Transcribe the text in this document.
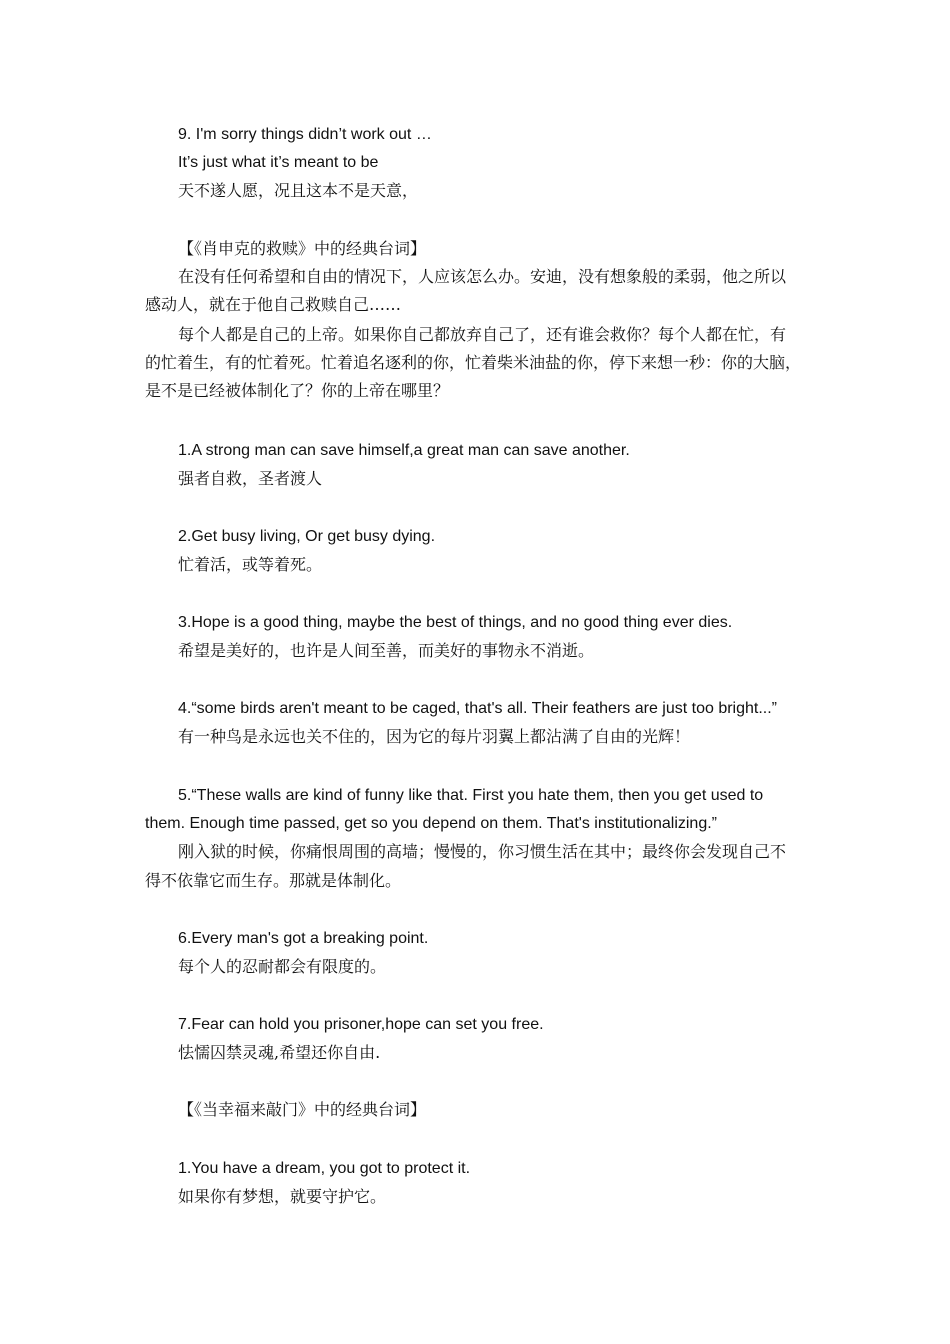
9. I'm sorry things didn’t work out …

It’s just what it’s meant to be

天不遂人愿，况且这本不是天意，

【《肖申克的救赎》中的经典台词】

在没有任何希望和自由的情况下，人应该怎么办。安迪，没有想象般的柔弱，他之所以

感动人，就在于他自己救赎自己……

每个人都是自己的上帝。如果你自己都放弃自己了，还有谁会救你？每个人都在忙，有

的忙着生，有的忙着死。忙着追名逐利的你，忙着柴米油盐的你，停下来想一秒：你的大脑，

是不是已经被体制化了？你的上帝在哪里？

1.A strong man can save himself,a great man can save another.

强者自救，圣者渡人

2.Get busy living, Or get busy dying.

忙着活，或等着死。

3.Hope is a good thing, maybe the best of things, and no good thing ever dies.

希望是美好的，也许是人间至善，而美好的事物永不消逝。

4.“some birds aren't meant to be caged, that's all. Their feathers are just too bright...”

有一种鸟是永远也关不住的，因为它的每片羽翼上都沾满了自由的光辉！

5.“These walls are kind of funny like that. First you hate them, then you get used to

them. Enough time passed, get so you depend on them. That's institutionalizing.”

刚入狱的时候，你痛恨周围的高墙；慢慢的，你习惯生活在其中；最终你会发现自己不

得不依靠它而生存。那就是体制化。

6.Every man's got a breaking point.

每个人的忍耐都会有限度的。

7.Fear can hold you prisoner,hope can set you free.

怯懦囚禁灵魂,希望还你自由.

【《当幸福来敲门》中的经典台词】

1.You have a dream, you got to protect it.

如果你有梦想，就要守护它。
